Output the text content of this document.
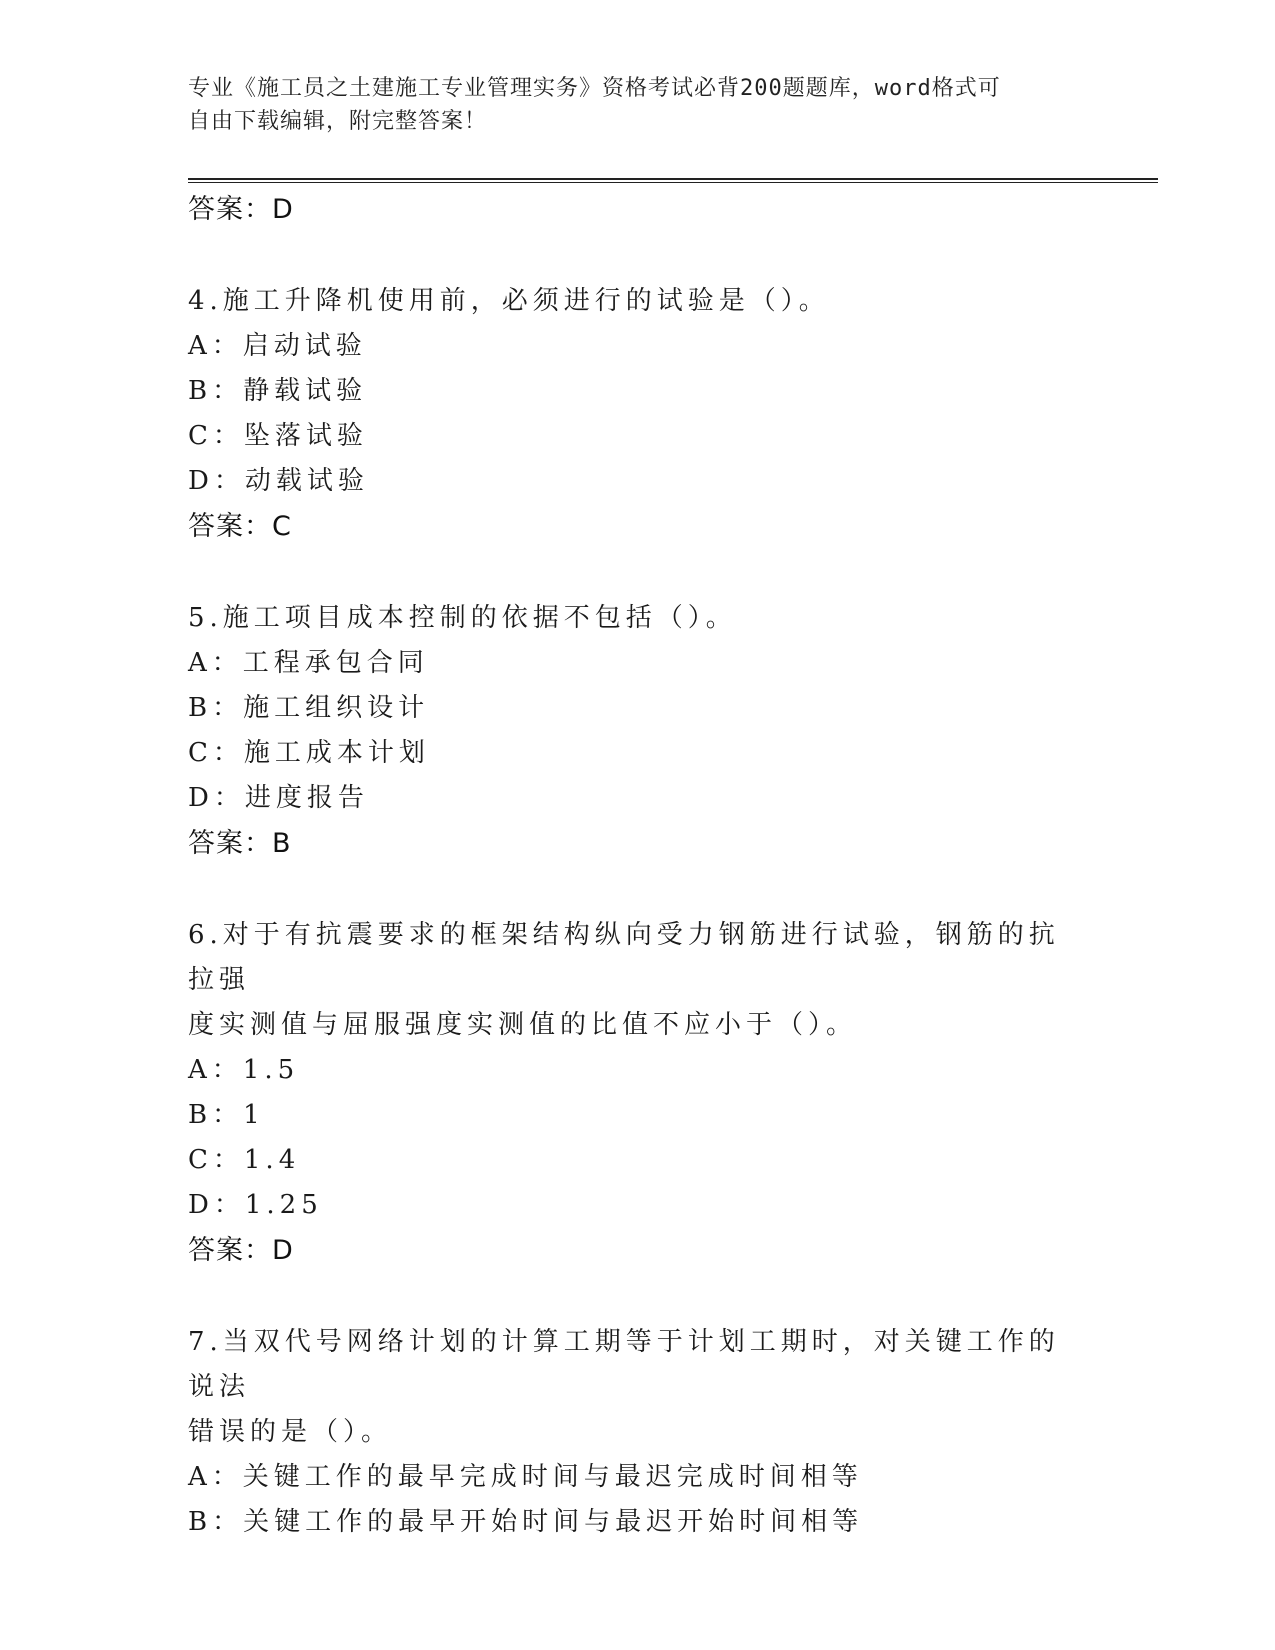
专业《施工员之土建施工专业管理实务》资格考试必背200题题库，word格式可
自由下载编辑，附完整答案！
答案：D
4.施工升降机使用前，必须进行的试验是（）。
A：启动试验
B：静载试验
C：坠落试验
D：动载试验
答案：C
5.施工项目成本控制的依据不包括（）。
A：工程承包合同
B：施工组织设计
C：施工成本计划
D：进度报告
答案：B
6.对于有抗震要求的框架结构纵向受力钢筋进行试验，钢筋的抗拉强
度实测值与屈服强度实测值的比值不应小于（）。
A：1.5
B：1
C：1.4
D：1.25
答案：D
7.当双代号网络计划的计算工期等于计划工期时，对关键工作的说法
错误的是（）。
A：关键工作的最早完成时间与最迟完成时间相等
B：关键工作的最早开始时间与最迟开始时间相等
